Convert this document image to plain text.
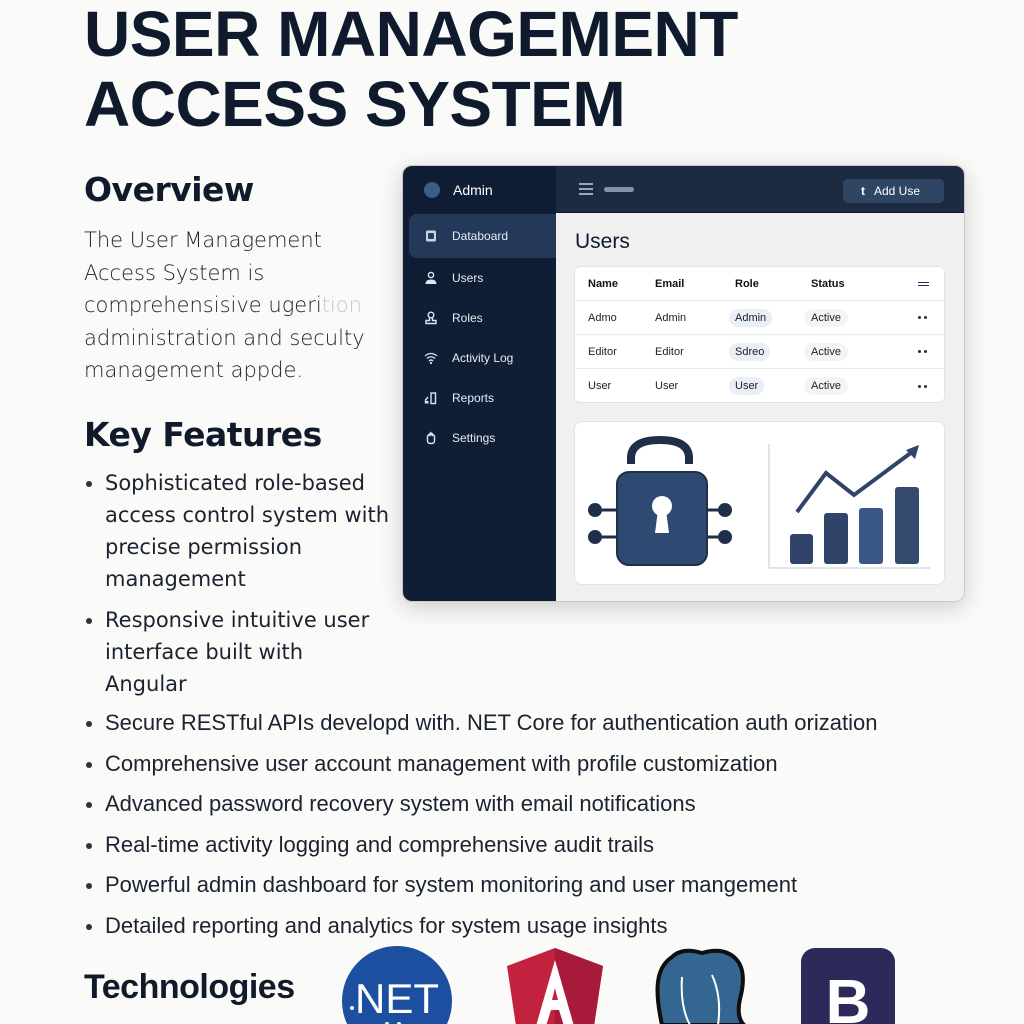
USER MANAGEMENT
ACCESS SYSTEM
Overview
The User Management
Access System is
comprehensisive ugerition
administration and seculty
management appde.
Key Features
Sophisticated role-based access control system with precise permission management
Responsive intuitive user interface built with Angular
Secure RESTful APIs developd with. NET Core for authentication auth orization
Comprehensive user account management with profile customization
Advanced password recovery system with email notifications
Real-time activity logging and comprehensive audit trails
Powerful admin dashboard for system monitoring and user mangement
Detailed reporting and analytics for system usage insights
Admin
Databoard
Users
Roles
Activity Log
Reports
Settings
t Add Use
Users
Name	Email	Role	Status
Admo	Admin	Admin	Active
Editor	Editor	Sdreo	Active
User	User	User	Active
Technologies NET	B
